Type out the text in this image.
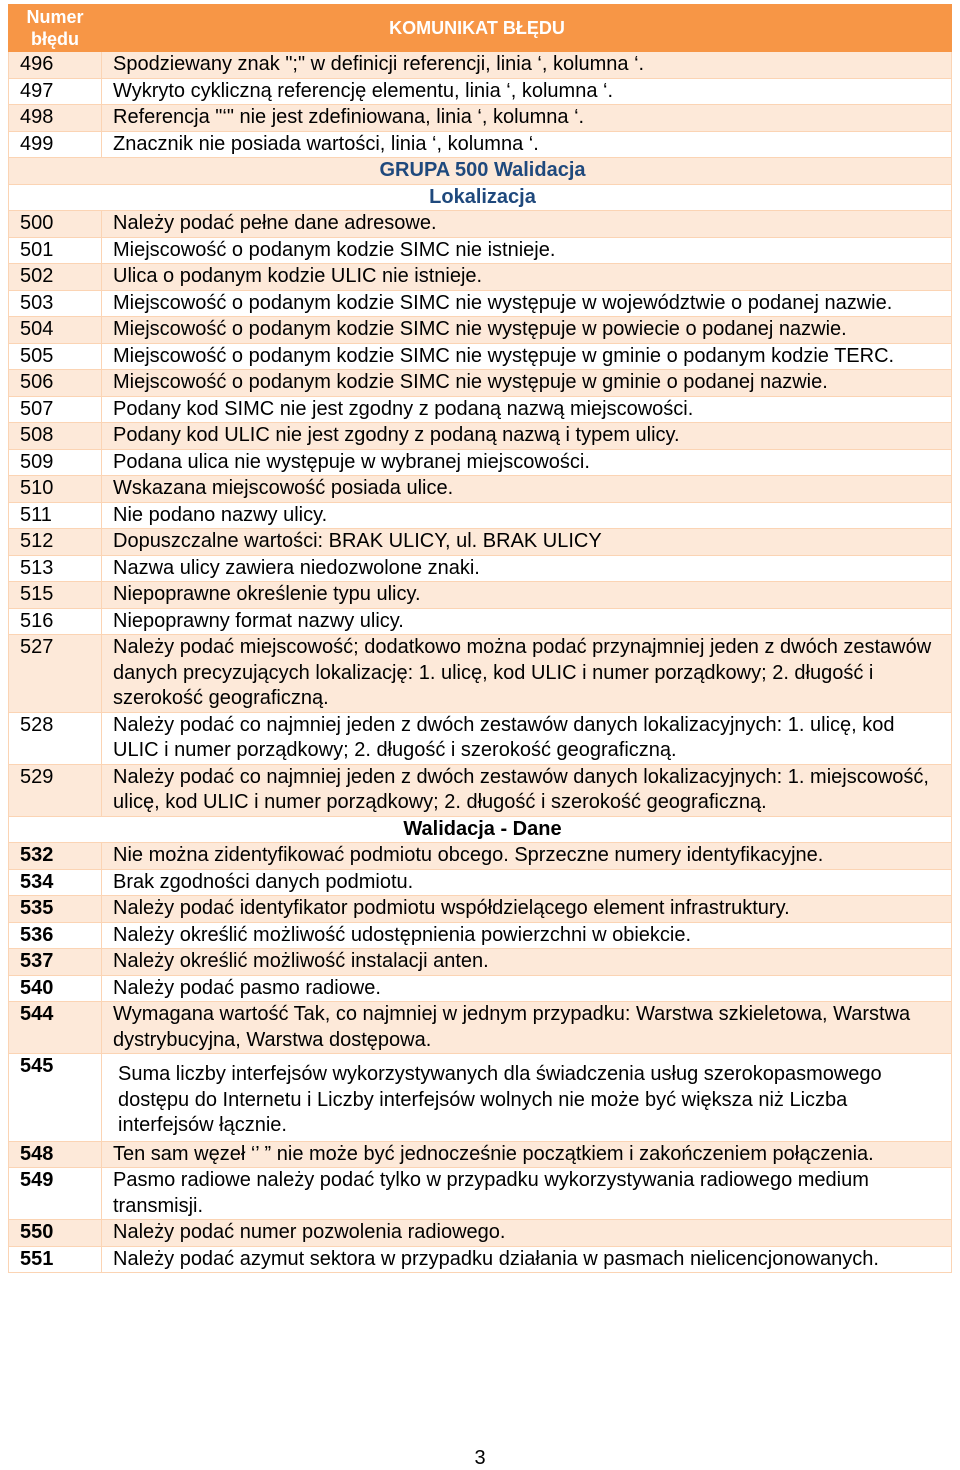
Numer błędu	KOMUNIKAT BŁĘDU
496	Spodziewany znak ";" w definicji referencji, linia ‘, kolumna ‘.
497	Wykryto cykliczną referencję elementu, linia ‘, kolumna ‘.
498	Referencja "‘" nie jest zdefiniowana, linia ‘, kolumna ‘.
499	Znacznik nie posiada wartości, linia ‘, kolumna ‘.
GRUPA 500 Walidacja	
Lokalizacja	
500	Należy podać pełne dane adresowe.
501	Miejscowość o podanym kodzie SIMC nie istnieje.
502	Ulica o podanym kodzie ULIC nie istnieje.
503	Miejscowość o podanym kodzie SIMC nie występuje w województwie o podanej nazwie.
504	Miejscowość o podanym kodzie SIMC nie występuje w powiecie o podanej nazwie.
505	Miejscowość o podanym kodzie SIMC nie występuje w gminie o podanym kodzie TERC.
506	Miejscowość o podanym kodzie SIMC nie występuje w gminie o podanej nazwie.
507	Podany kod SIMC nie jest zgodny z podaną nazwą miejscowości.
508	Podany kod ULIC nie jest zgodny z podaną nazwą i typem ulicy.
509	Podana ulica nie występuje w wybranej miejscowości.
510	Wskazana miejscowość posiada ulice.
511	Nie podano nazwy ulicy.
512	Dopuszczalne wartości: BRAK ULICY, ul. BRAK ULICY
513	Nazwa ulicy zawiera niedozwolone znaki.
515	Niepoprawne określenie typu ulicy.
516	Niepoprawny format nazwy ulicy.
527	Należy podać miejscowość; dodatkowo można podać przynajmniej jeden z dwóch zestawów danych precyzujących lokalizację: 1. ulicę, kod ULIC i numer porządkowy; 2. długość i szerokość geograficzną.
528	Należy podać co najmniej jeden z dwóch zestawów danych lokalizacyjnych: 1. ulicę, kod ULIC i numer porządkowy; 2. długość i szerokość geograficzną.
529	Należy podać co najmniej jeden z dwóch zestawów danych lokalizacyjnych: 1. miejscowość, ulicę, kod ULIC i numer porządkowy; 2. długość i szerokość geograficzną.
Walidacja - Dane	
532	Nie można zidentyfikować podmiotu obcego. Sprzeczne numery identyfikacyjne.
534	Brak zgodności danych podmiotu.
535	Należy podać identyfikator podmiotu współdzielącego element infrastruktury.
536	Należy określić możliwość udostępnienia powierzchni w obiekcie.
537	Należy określić możliwość instalacji anten.
540	Należy podać pasmo radiowe.
544	Wymagana wartość Tak, co najmniej w jednym przypadku: Warstwa szkieletowa, Warstwa dystrybucyjna, Warstwa dostępowa.
545	Suma liczby interfejsów wykorzystywanych dla świadczenia usług szerokopasmowego dostępu do Internetu i Liczby interfejsów wolnych nie może być większa niż Liczba interfejsów łącznie.

548	Ten sam węzeł ‘’ ” nie może być jednocześnie początkiem i zakończeniem połączenia.
549	Pasmo radiowe należy podać tylko w przypadku wykorzystywania radiowego medium transmisji.
550	Należy podać numer pozwolenia radiowego.
551	Należy podać azymut sektora w przypadku działania w pasmach nielicencjonowanych.
3
